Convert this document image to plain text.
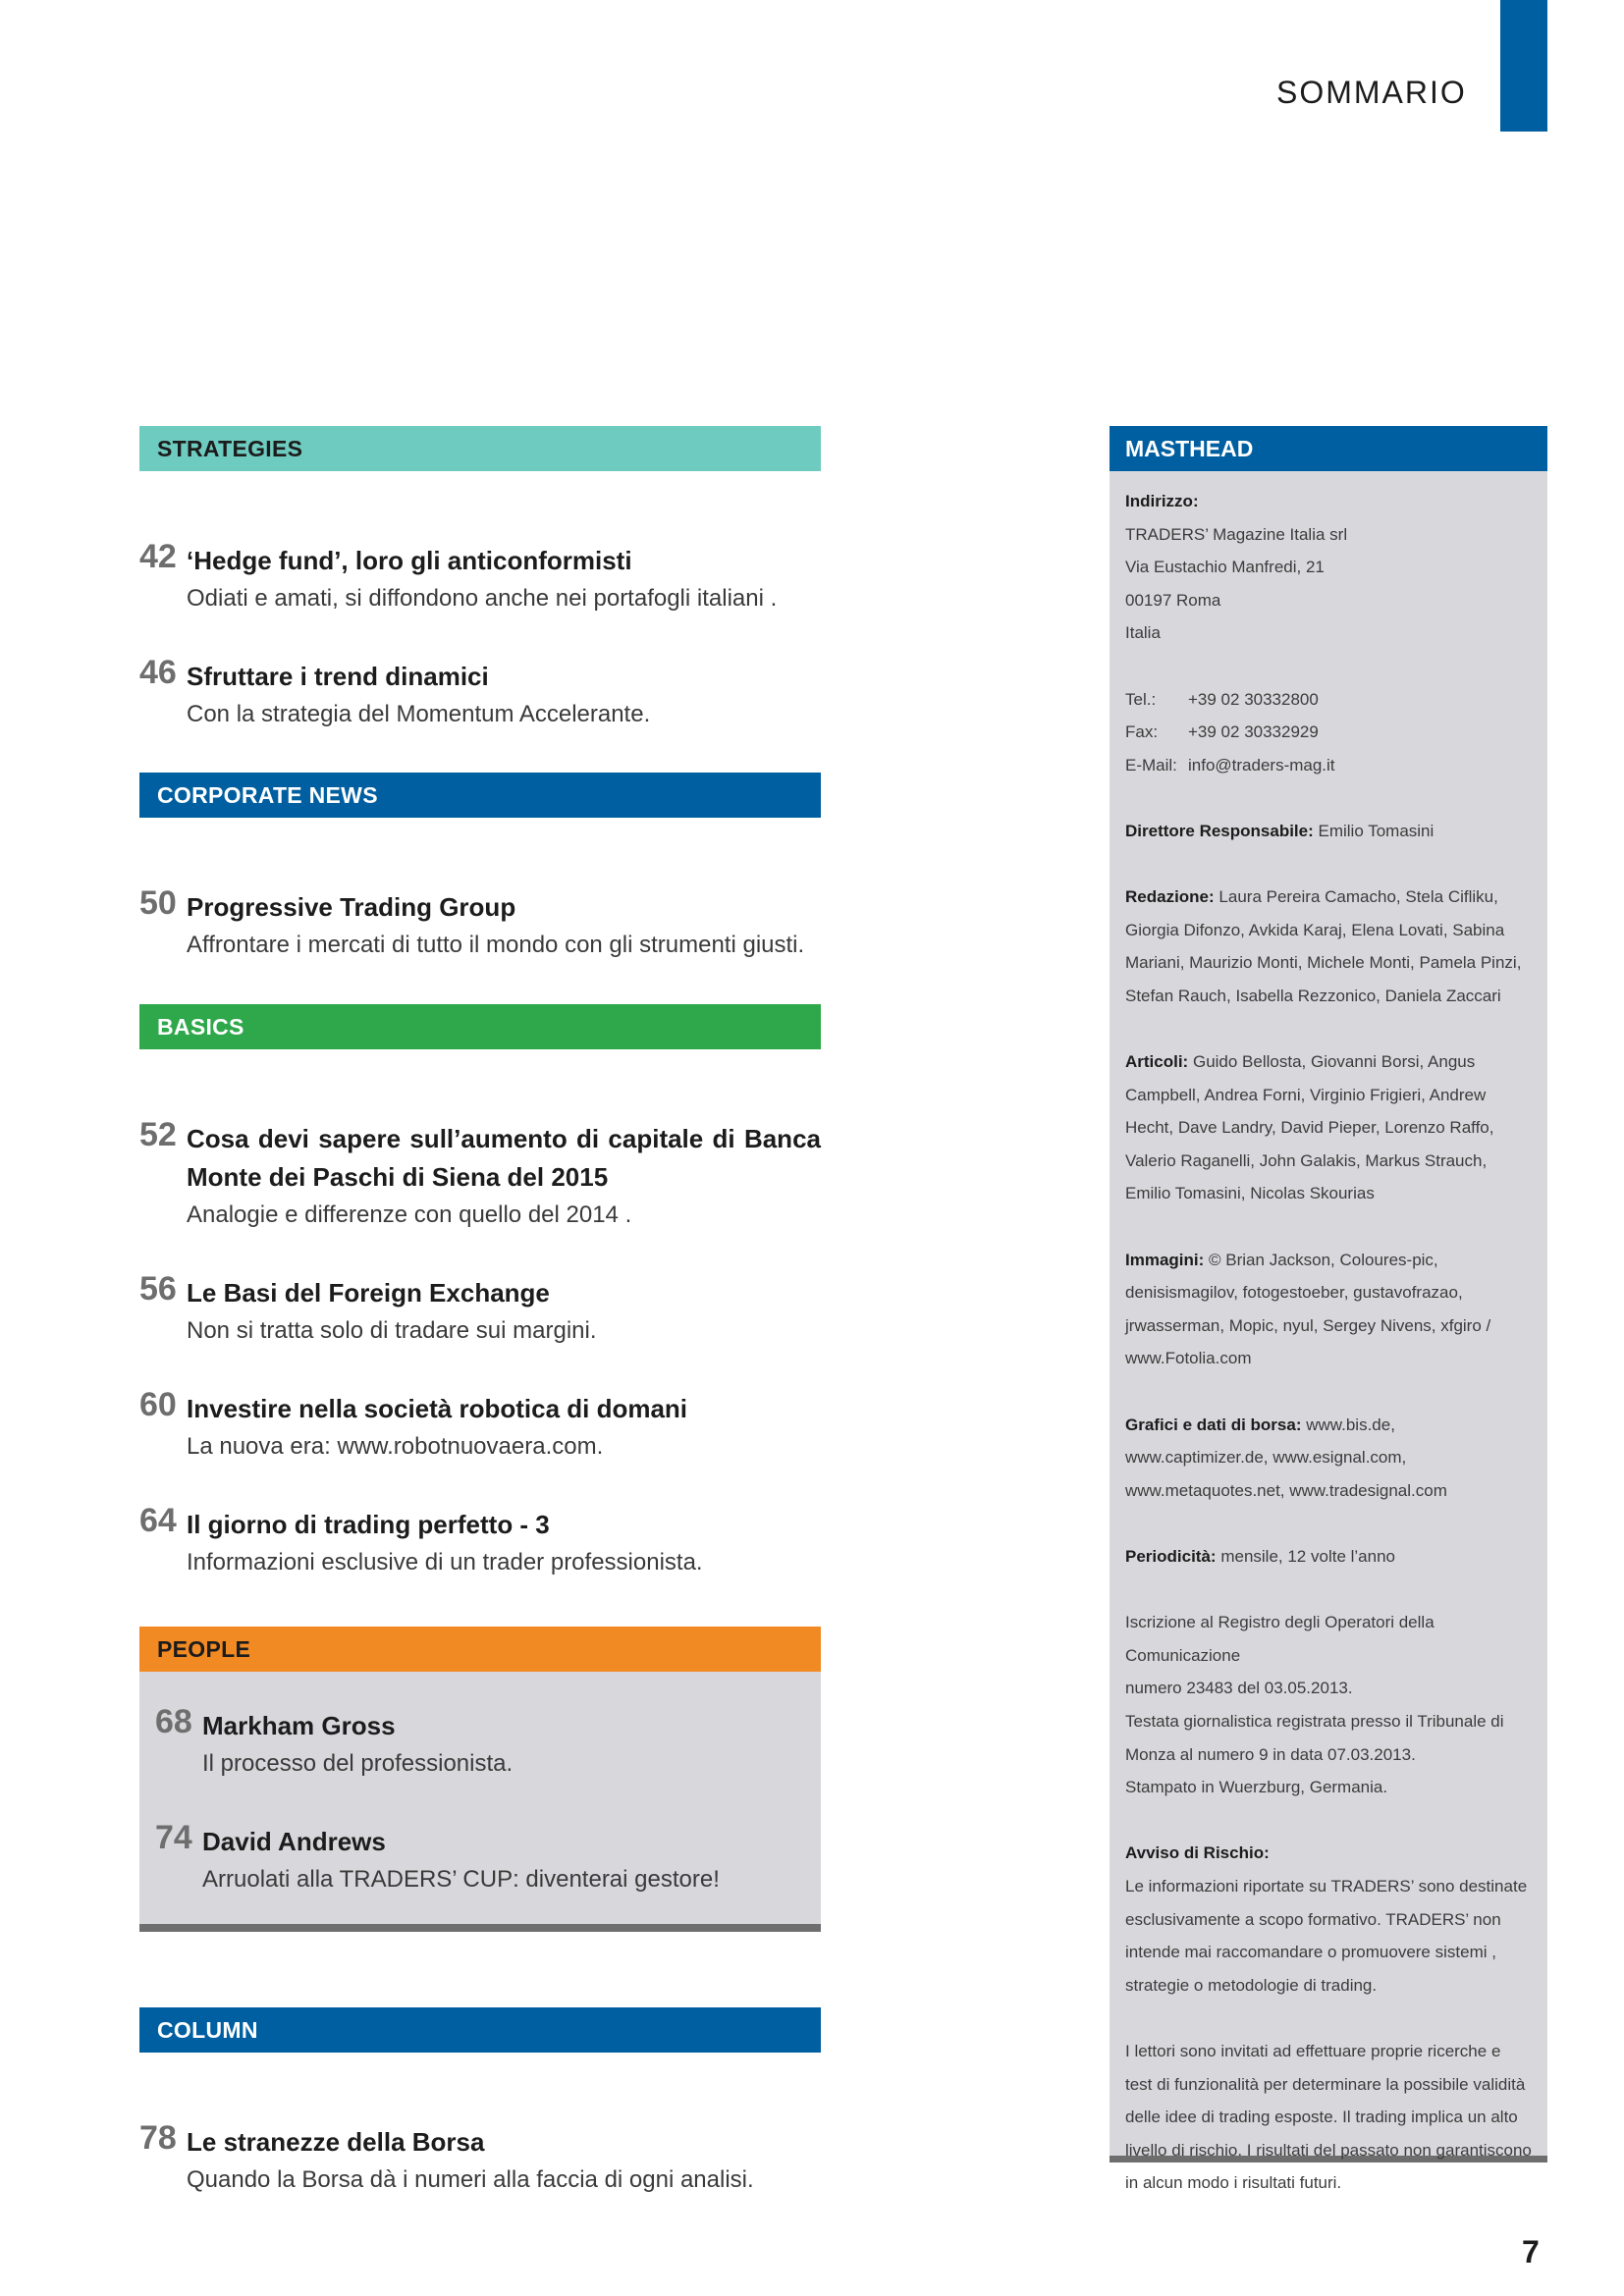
SOMMARIO
STRATEGIES
42 ‘Hedge fund’, loro gli anticonformisti
Odiati e amati, si diffondono anche nei portafogli italiani .
46 Sfruttare i trend dinamici
Con la strategia del Momentum Accelerante.
CORPORATE NEWS
50 Progressive Trading Group
Affrontare i mercati di tutto il mondo con gli strumenti giusti.
BASICS
52 Cosa devi sapere sull’aumento di capitale di Banca Monte dei Paschi di Siena del 2015
Analogie e differenze con quello del 2014 .
56 Le Basi del Foreign Exchange
Non si tratta solo di tradare sui margini.
60 Investire nella società robotica di domani
La nuova era: www.robotnuovaera.com.
64 Il giorno di trading perfetto - 3
Informazioni esclusive di un trader professionista.
PEOPLE
68 Markham Gross
Il processo del professionista.
74 David Andrews
Arruolati alla TRADERS’ CUP: diventerai gestore!
COLUMN
78 Le stranezze della Borsa
Quando la Borsa dà i numeri alla faccia di ogni analisi.
MASTHEAD
Indirizzo:
TRADERS’ Magazine Italia srl
Via Eustachio Manfredi, 21
00197 Roma
Italia
Tel.: +39 02 30332800
Fax: +39 02 30332929
E-Mail: info@traders-mag.it
Direttore Responsabile: Emilio Tomasini
Redazione: Laura Pereira Camacho, Stela Cifliku, Giorgia Difonzo, Avkida Karaj, Elena Lovati, Sabina Mariani, Maurizio Monti, Michele Monti, Pamela Pinzi, Stefan Rauch, Isabella Rezzonico, Daniela Zaccari
Articoli: Guido Bellosta, Giovanni Borsi, Angus Campbell, Andrea Forni, Virginio Frigieri, Andrew Hecht, Dave Landry, David Pieper, Lorenzo Raffo, Valerio Raganelli, John Galakis, Markus Strauch, Emilio Tomasini, Nicolas Skourias
Immagini: © Brian Jackson, Coloures-pic, denisismagilov, fotogestoeber, gustavofrazao, jrwasserman, Mopic, nyul, Sergey Nivens, xfgiro / www.Fotolia.com
Grafici e dati di borsa: www.bis.de, www.captimizer.de, www.esignal.com, www.metaquotes.net, www.tradesignal.com
Periodicità: mensile, 12 volte l’anno
Iscrizione al Registro degli Operatori della Comunicazione
numero 23483 del 03.05.2013.
Testata giornalistica registrata presso il Tribunale di
Monza al numero 9 in data 07.03.2013.
Stampato in Wuerzburg, Germania.
Avviso di Rischio:
Le informazioni riportate su TRADERS’ sono destinate esclusivamente a scopo formativo. TRADERS’ non intende mai raccomandare o promuovere sistemi , strategie o metodologie di trading.
I lettori sono invitati ad effettuare proprie ricerche e test di funzionalità per determinare la possibile validità delle idee di trading esposte. Il trading implica un alto livello di rischio. I risultati del passato non garantiscono in alcun modo i risultati futuri.
7
